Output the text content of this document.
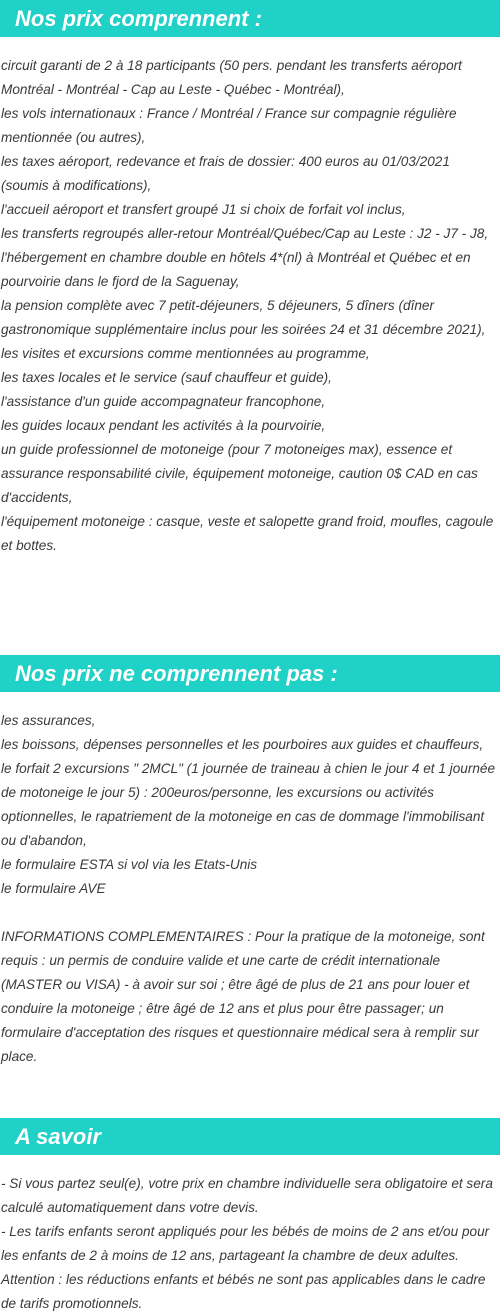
Nos prix comprennent :
circuit garanti de 2 à 18 participants (50 pers. pendant les transferts aéroport Montréal - Montréal - Cap au Leste - Québec - Montréal),
les vols internationaux : France / Montréal / France sur compagnie régulière mentionnée (ou autres),
les taxes aéroport, redevance et frais de dossier: 400 euros au 01/03/2021 (soumis à modifications),
l'accueil aéroport et transfert groupé J1 si choix de forfait vol inclus,
les transferts regroupés aller-retour Montréal/Québec/Cap au Leste : J2 - J7 - J8,
l'hébergement en chambre double en hôtels 4*(nl) à Montréal et Québec et en pourvoirie dans le fjord de la Saguenay,
la pension complète avec 7 petit-déjeuners, 5 déjeuners, 5 dîners (dîner gastronomique supplémentaire inclus pour les soirées 24 et 31 décembre 2021),
les visites et excursions comme mentionnées au programme,
les taxes locales et le service (sauf chauffeur et guide),
l'assistance d'un guide accompagnateur francophone,
les guides locaux pendant les activités à la pourvoirie,
un guide professionnel de motoneige (pour 7 motoneiges max), essence et assurance responsabilité civile, équipement motoneige, caution 0$ CAD en cas d'accidents,
l'équipement motoneige : casque, veste et salopette grand froid, moufles, cagoule et bottes.
Nos prix ne comprennent pas :
les assurances,
les boissons, dépenses personnelles et les pourboires aux guides et chauffeurs,
le forfait 2 excursions " 2MCL" (1 journée de traineau à chien le jour 4 et 1 journée de motoneige le jour 5) : 200euros/personne, les excursions ou activités optionnelles, le rapatriement de la motoneige en cas de dommage l'immobilisant ou d'abandon,
le formulaire ESTA si vol via les Etats-Unis
le formulaire AVE

INFORMATIONS COMPLEMENTAIRES : Pour la pratique de la motoneige, sont requis : un permis de conduire valide et une carte de crédit internationale (MASTER ou VISA) - à avoir sur soi ; être âgé de plus de 21 ans pour louer et conduire la motoneige ; être âgé de 12 ans et plus pour être passager; un formulaire d'acceptation des risques et questionnaire médical sera à remplir sur place.
A savoir
- Si vous partez seul(e), votre prix en chambre individuelle sera obligatoire et sera calculé automatiquement dans votre devis.
- Les tarifs enfants seront appliqués pour les bébés de moins de 2 ans et/ou pour les enfants de 2 à moins de 12 ans, partageant la chambre de deux adultes. Attention : les réductions enfants et bébés ne sont pas applicables dans le cadre de tarifs promotionnels.
